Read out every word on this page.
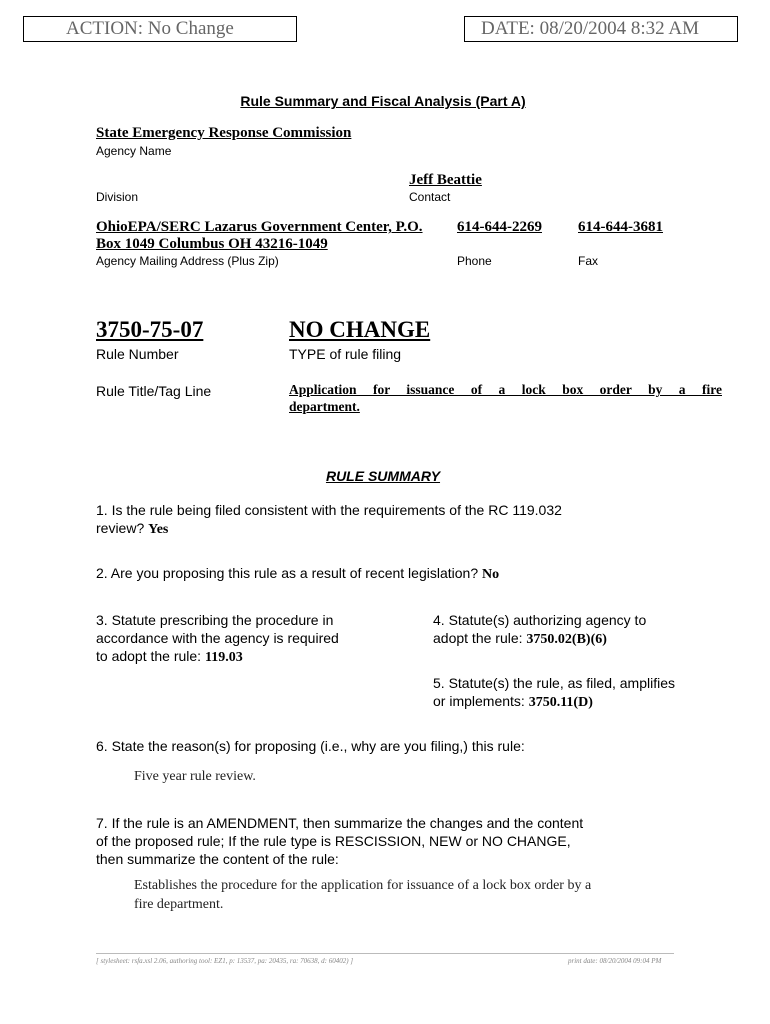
ACTION: No Change	DATE: 08/20/2004 8:32 AM
Rule Summary and Fiscal Analysis (Part A)
State Emergency Response Commission
Agency Name
Jeff Beattie
Division	Contact
OhioEPA/SERC Lazarus Government Center, P.O.
Box 1049 Columbus OH 43216-1049
614-644-2269 614-644-3681
Agency Mailing Address (Plus Zip)	Phone	Fax
3750-75-07	NO CHANGE
Rule Number	TYPE of rule filing
Rule Title/Tag Line	Application  for  issuance  of  a  lock  box  order  by  a  fire
department.
RULE SUMMARY
1. Is the rule being filed consistent with the requirements of the RC 119.032
review? Yes
2. Are you proposing this rule as a result of recent legislation? No
3. Statute prescribing the procedure in
accordance with the agency is required
to adopt the rule: 119.03
4. Statute(s) authorizing agency to
adopt the rule: 3750.02(B)(6)
5. Statute(s) the rule, as filed, amplifies
or implements: 3750.11(D)
6. State the reason(s) for proposing (i.e., why are you filing,) this rule:
Five year rule review.
7. If the rule is an AMENDMENT, then summarize the changes and the content
of the proposed rule; If the rule type is RESCISSION, NEW or NO CHANGE,
then summarize the content of the rule:
Establishes the procedure for the application for issuance of a lock box order by a
fire department.
[ stylesheet: rsfa.xsl 2.06, authoring tool: EZ1, p: 13537, pa: 20435, ra: 70638, d: 60402) ]	print date: 08/20/2004 09:04 PM
